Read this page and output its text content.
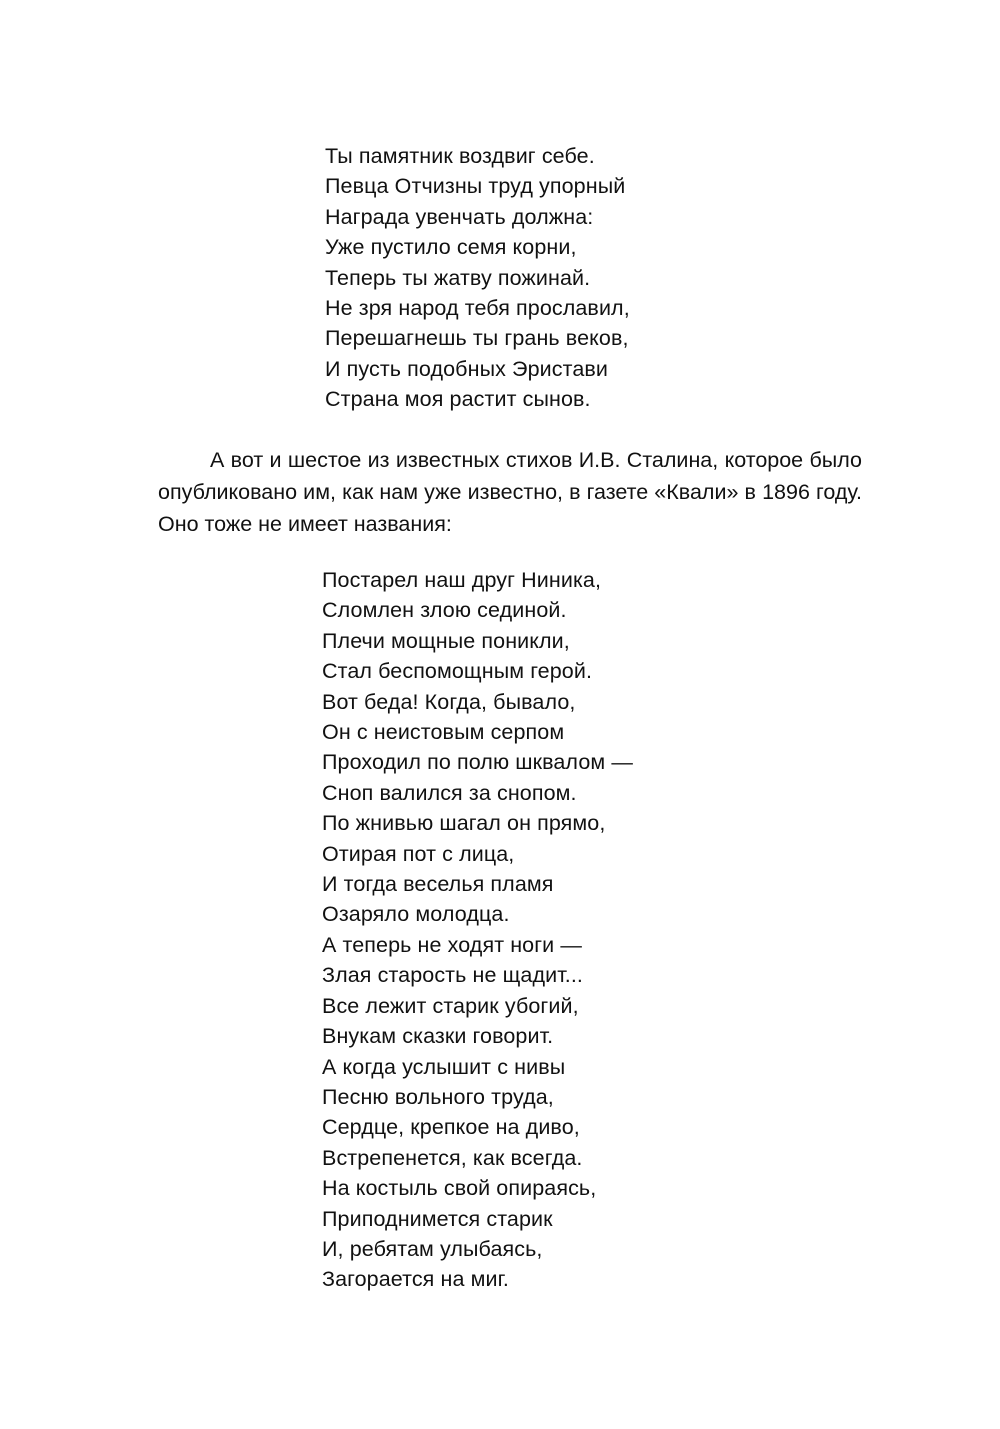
Ты памятник воздвиг себе.
Певца Отчизны труд упорный
Награда увенчать должна:
Уже пустило семя корни,
Теперь ты жатву пожинай.
Не зря народ тебя прославил,
Перешагнешь ты грань веков,
И пусть подобных Эристави
Страна моя растит сынов.

А вот и шестое из известных стихов И.В. Сталина, которое было опубликовано им, как нам уже известно, в газете «Квали» в 1896 году. Оно тоже не имеет названия:

Постарел наш друг Ниника,
Сломлен злою сединой.
Плечи мощные поникли,
Стал беспомощным герой.
Вот беда! Когда, бывало,
Он с неистовым серпом
Проходил по полю шквалом —
Сноп валился за снопом.
По жнивью шагал он прямо,
Отирая пот с лица,
И тогда веселья пламя
Озаряло молодца.
А теперь не ходят ноги —
Злая старость не щадит...
Все лежит старик убогий,
Внукам сказки говорит.
А когда услышит с нивы
Песню вольного труда,
Сердце, крепкое на диво,
Встрепенется, как всегда.
На костыль свой опираясь,
Приподнимется старик
И, ребятам улыбаясь,
Загорается на миг.
